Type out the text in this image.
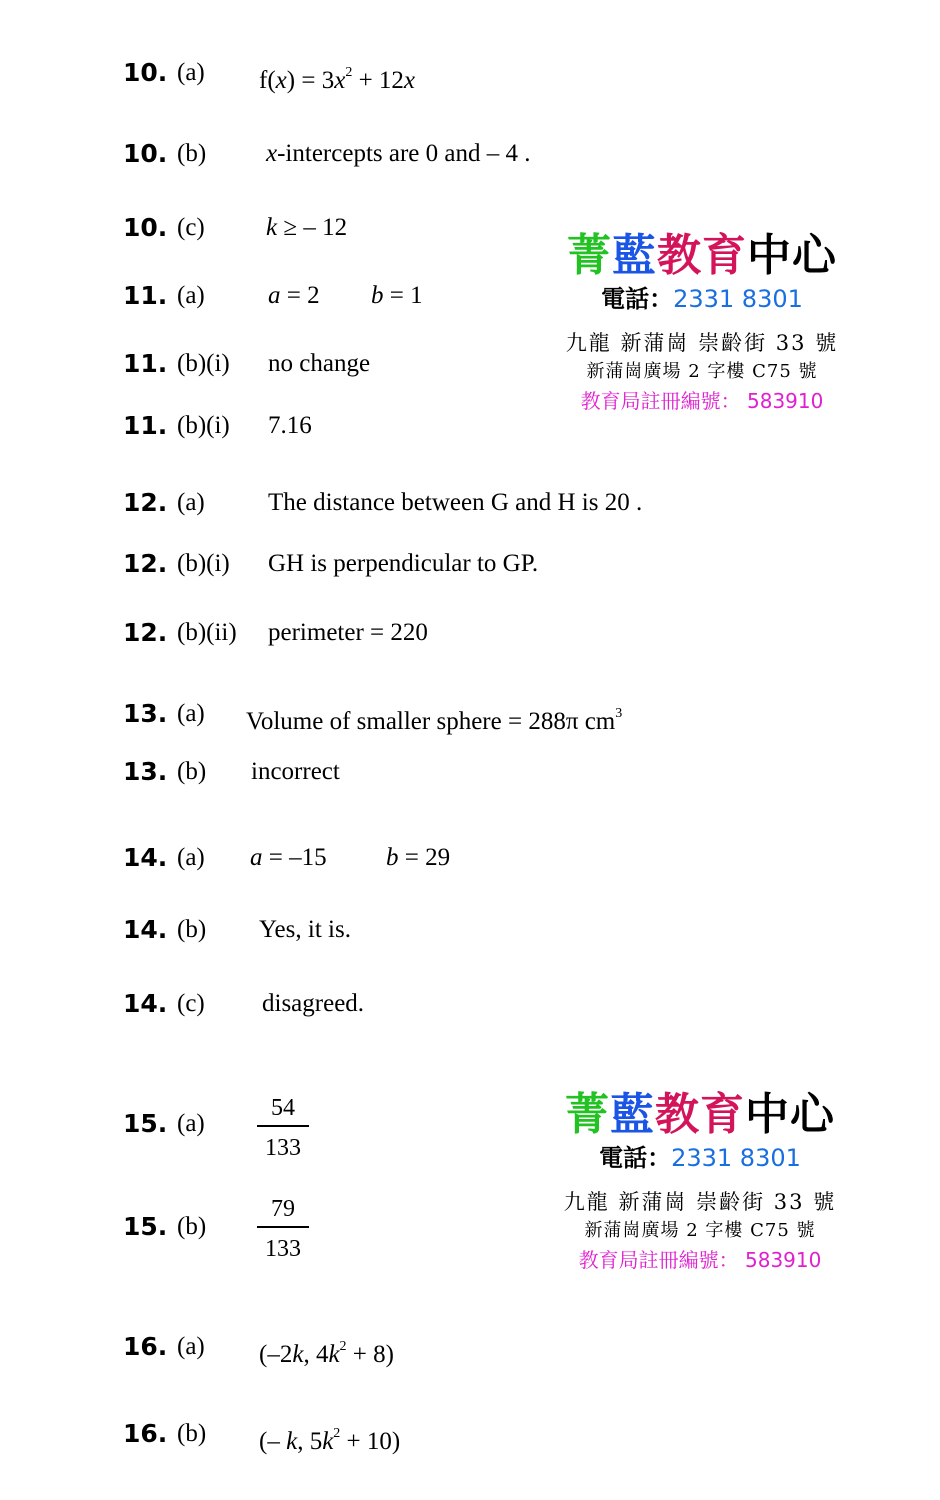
10. (a) $f(x) = 3x^2 + 12x$
10. (b) x-intercepts are 0 and – 4 .
10. (c) k ≥ – 12
11. (a)	a = 2 b = 1
11. (b)(i) no change
11. (b)(i) 7.16
12. (a)	The distance between G and H is 20 .
12. (b)(i) GH is perpendicular to GP.
12. (b)(ii) perimeter = 220
13. (a) Volume of smaller sphere = 288π $cm^3$
13. (b) incorrect
14. (a) a = –15 b = 29
14. (b) Yes, it is.
14. (c) disagreed.
15. (a)
54
133
15. (b)
79
133
16. (a) (–2k, $4k^2 + 8$)
16. (b) (– k, $5k^2 + 10$)
菁藍教育中心
電話：2331 8301
九龍 新蒲崗 崇齡街 33 號
新蒲崗廣場 2 字樓 C75 號
教育局註冊編號： 583910
菁藍教育中心
電話：2331 8301
九龍 新蒲崗 崇齡街 33 號
新蒲崗廣場 2 字樓 C75 號
教育局註冊編號： 583910
